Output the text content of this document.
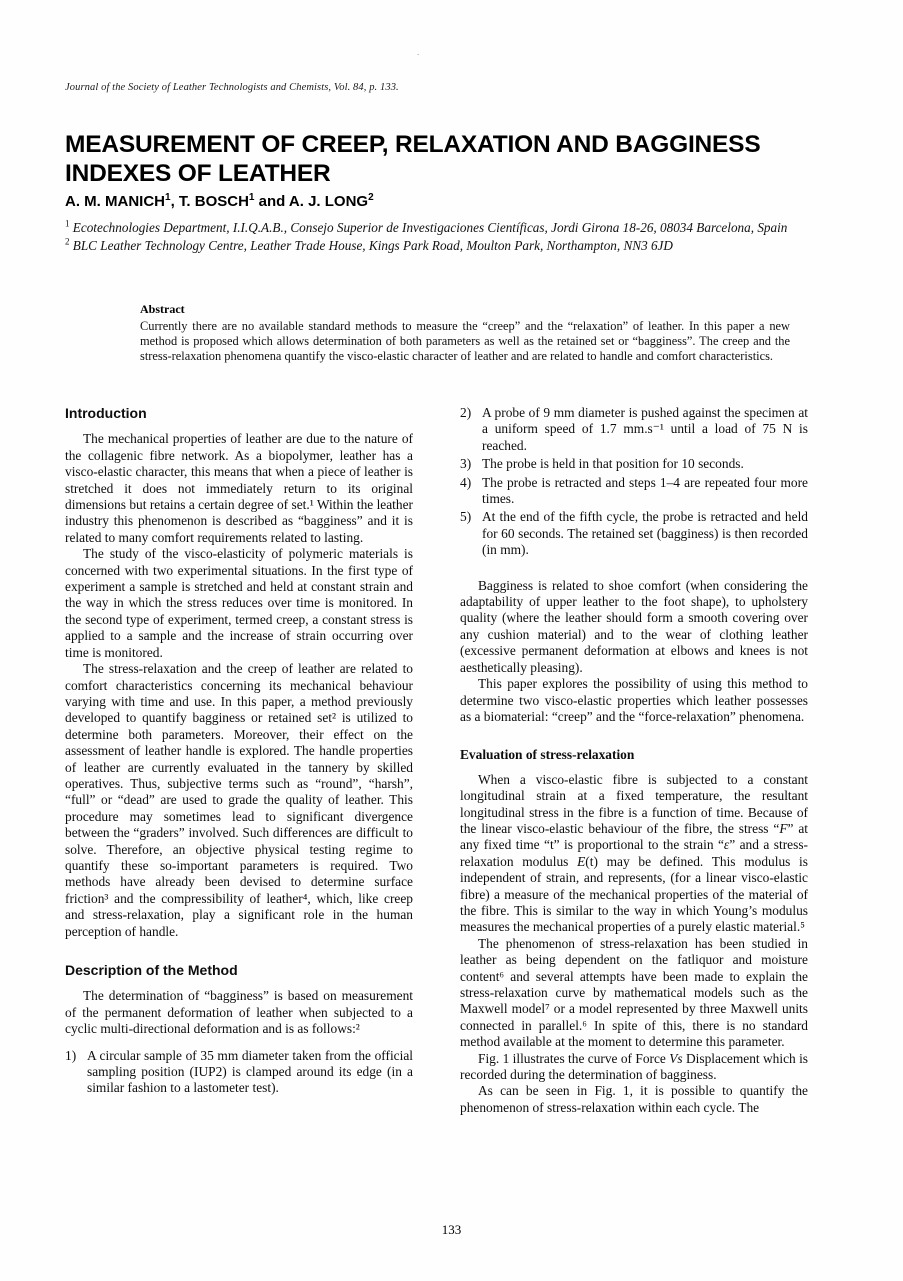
.
Journal of the Society of Leather Technologists and Chemists, Vol. 84, p. 133.
MEASUREMENT OF CREEP, RELAXATION AND BAGGINESS INDEXES OF LEATHER
A. M. MANICH$^1$, T. BOSCH$^1$ and A. J. LONG$^2$
$^1$ Ecotechnologies Department, I.I.Q.A.B., Consejo Superior de Investigaciones Científicas, Jordi Girona 18-26, 08034 Barcelona, Spain
$^2$ BLC Leather Technology Centre, Leather Trade House, Kings Park Road, Moulton Park, Northampton, NN3 6JD
Abstract
Currently there are no available standard methods to measure the “creep” and the “relaxation” of leather. In this paper a new method is proposed which allows determination of both parameters as well as the retained set or “bagginess”. The creep and the stress-relaxation phenomena quantify the visco-elastic character of leather and are related to handle and comfort characteristics.
Introduction

The mechanical properties of leather are due to the nature of the collagenic fibre network. As a biopolymer, leather has a visco-elastic character, this means that when a piece of leather is stretched it does not immediately return to its original dimensions but retains a certain degree of set.¹ Within the leather industry this phenomenon is described as “bagginess” and it is related to many comfort requirements related to lasting.

The study of the visco-elasticity of polymeric materials is concerned with two experimental situations. In the first type of experiment a sample is stretched and held at constant strain and the way in which the stress reduces over time is monitored. In the second type of experiment, termed creep, a constant stress is applied to a sample and the increase of strain occurring over time is monitored.

The stress-relaxation and the creep of leather are related to comfort characteristics concerning its mechanical behaviour varying with time and use. In this paper, a method previously developed to quantify bagginess or retained set² is utilized to determine both parameters. Moreover, their effect on the assessment of leather handle is explored. The handle properties of leather are currently evaluated in the tannery by skilled operatives. Thus, subjective terms such as “round”, “harsh”, “full” or “dead” are used to grade the quality of leather. This procedure may sometimes lead to significant divergence between the “graders” involved. Such differences are difficult to solve. Therefore, an objective physical testing regime to quantify these so-important parameters is required. Two methods have already been devised to determine surface friction³ and the compressibility of leather⁴, which, like creep and stress-relaxation, play a significant role in the human perception of handle.

Description of the Method

The determination of “bagginess” is based on measurement of the permanent deformation of leather when subjected to a cyclic multi-directional deformation and is as follows:²

1) A circular sample of 35 mm diameter taken from the official sampling position (IUP2) is clamped around its edge (in a similar fashion to a lastometer test).
2) A probe of 9 mm diameter is pushed against the specimen at a uniform speed of 1.7 mm.s⁻¹ until a load of 75 N is reached.
3) The probe is held in that position for 10 seconds.
4) The probe is retracted and steps 1–4 are repeated four more times.
5) At the end of the fifth cycle, the probe is retracted and held for 60 seconds. The retained set (bagginess) is then recorded (in mm).

Bagginess is related to shoe comfort (when considering the adaptability of upper leather to the foot shape), to upholstery quality (where the leather should form a smooth covering over any cushion material) and to the wear of clothing leather (excessive permanent deformation at elbows and knees is not aesthetically pleasing).

This paper explores the possibility of using this method to determine two visco-elastic properties which leather possesses as a biomaterial: “creep” and the “force-relaxation” phenomena.

Evaluation of stress-relaxation

When a visco-elastic fibre is subjected to a constant longitudinal strain at a fixed temperature, the resultant longitudinal stress in the fibre is a function of time. Because of the linear visco-elastic behaviour of the fibre, the stress “F” at any fixed time “t” is proportional to the strain “ε” and a stress-relaxation modulus E(t) may be defined. This modulus is independent of strain, and represents, (for a linear visco-elastic fibre) a measure of the mechanical properties of the material of the fibre. This is similar to the way in which Young’s modulus measures the mechanical properties of a purely elastic material.⁵

The phenomenon of stress-relaxation has been studied in leather as being dependent on the fatliquor and moisture content⁶ and several attempts have been made to explain the stress-relaxation curve by mathematical models such as the Maxwell model⁷ or a model represented by three Maxwell units connected in parallel.⁶ In spite of this, there is no standard method available at the moment to determine this parameter.

Fig. 1 illustrates the curve of Force Vs Displacement which is recorded during the determination of bagginess.

As can be seen in Fig. 1, it is possible to quantify the phenomenon of stress-relaxation within each cycle. The

133
